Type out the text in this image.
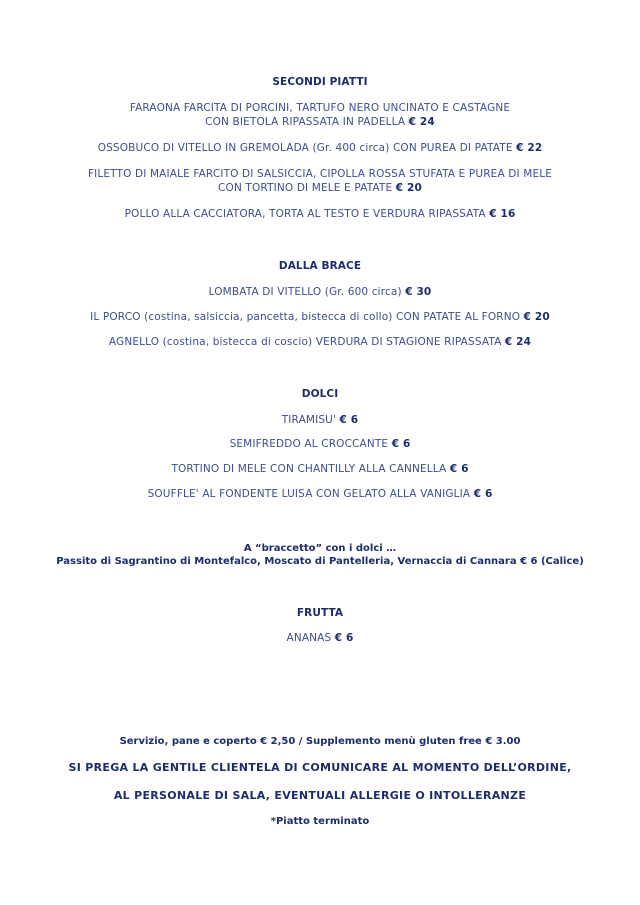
SECONDI PIATTI
FARAONA FARCITA DI PORCINI, TARTUFO NERO UNCINATO E CASTAGNE
CON BIETOLA RIPASSATA IN PADELLA € 24
OSSOBUCO DI VITELLO IN GREMOLADA (Gr. 400 circa) CON PUREA DI PATATE € 22
FILETTO DI MAIALE FARCITO DI SALSICCIA, CIPOLLA ROSSA STUFATA E PUREA DI MELE
CON TORTINO DI MELE E PATATE € 20
POLLO ALLA CACCIATORA, TORTA AL TESTO E VERDURA RIPASSATA € 16
DALLA BRACE
LOMBATA DI VITELLO (Gr. 600 circa) € 30
IL PORCO (costina, salsiccia, pancetta, bistecca di collo) CON PATATE AL FORNO € 20
AGNELLO (costina, bistecca di coscio) VERDURA DI STAGIONE RIPASSATA € 24
DOLCI
TIRAMISU' € 6
SEMIFREDDO AL CROCCANTE € 6
TORTINO DI MELE CON CHANTILLY ALLA CANNELLA € 6
SOUFFLE' AL FONDENTE LUISA CON GELATO ALLA VANIGLIA € 6
A “braccetto” con i dolci …
Passito di Sagrantino di Montefalco, Moscato di Pantelleria, Vernaccia di Cannara € 6 (Calice)
FRUTTA
ANANAS € 6
Servizio, pane e coperto € 2,50 / Supplemento menù gluten free € 3.00
SI PREGA LA GENTILE CLIENTELA DI COMUNICARE AL MOMENTO DELL’ORDINE,
AL PERSONALE DI SALA, EVENTUALI ALLERGIE O INTOLLERANZE
*Piatto terminato
